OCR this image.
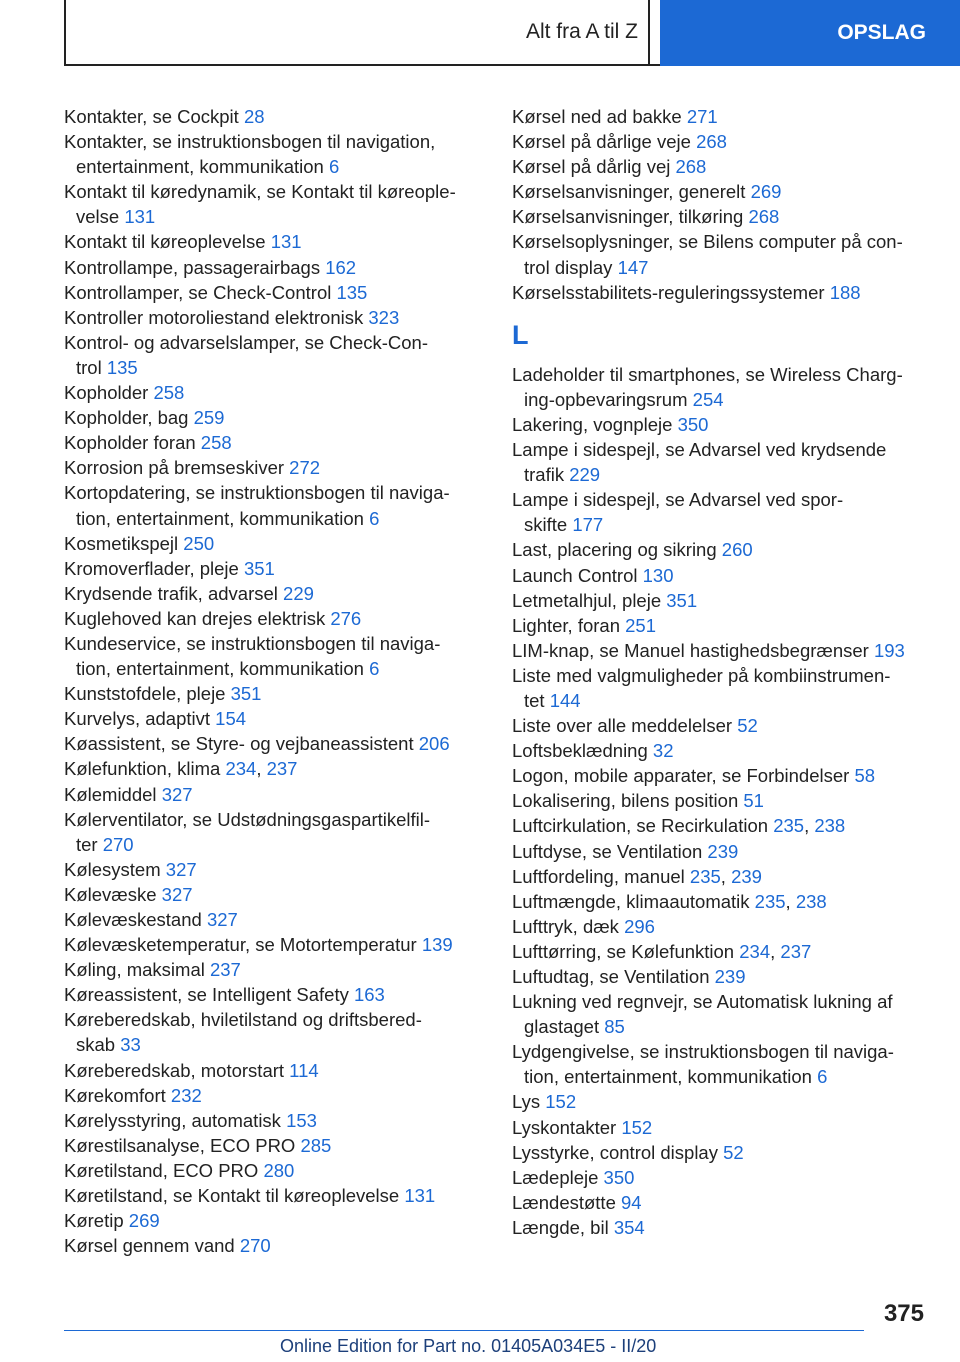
Alt fra A til Z	OPSLAG
Kontakter, se Cockpit 28
Kontakter, se instruktionsbogen til navigation,
entertainment, kommunikation 6
Kontakt til køredynamik, se Kontakt til køreople-
velse 131
Kontakt til køreoplevelse 131
Kontrollampe, passagerairbags 162
Kontrollamper, se Check-Control 135
Kontroller motoroliestand elektronisk 323
Kontrol- og advarselslamper, se Check-Con-
trol 135
Kopholder 258
Kopholder, bag 259
Kopholder foran 258
Korrosion på bremseskiver 272
Kortopdatering, se instruktionsbogen til naviga-
tion, entertainment, kommunikation 6
Kosmetikspejl 250
Kromoverflader, pleje 351
Krydsende trafik, advarsel 229
Kuglehoved kan drejes elektrisk 276
Kundeservice, se instruktionsbogen til naviga-
tion, entertainment, kommunikation 6
Kunststofdele, pleje 351
Kurvelys, adaptivt 154
Køassistent, se Styre- og vejbaneassistent 206
Kølefunktion, klima 234, 237
Kølemiddel 327
Kølerventilator, se Udstødningsgaspartikelfil-
ter 270
Kølesystem 327
Kølevæske 327
Kølevæskestand 327
Kølevæsketemperatur, se Motortemperatur 139
Køling, maksimal 237
Køreassistent, se Intelligent Safety 163
Køreberedskab, hviletilstand og driftsbered-
skab 33
Køreberedskab, motorstart 114
Kørekomfort 232
Kørelysstyring, automatisk 153
Kørestilsanalyse, ECO PRO 285
Køretilstand, ECO PRO 280
Køretilstand, se Kontakt til køreoplevelse 131
Køretip 269
Kørsel gennem vand 270
Kørsel ned ad bakke 271
Kørsel på dårlige veje 268
Kørsel på dårlig vej 268
Kørselsanvisninger, generelt 269
Kørselsanvisninger, tilkøring 268
Kørselsoplysninger, se Bilens computer på con-
trol display 147
Kørselsstabilitets-reguleringssystemer 188
L
Ladeholder til smartphones, se Wireless Charg-
ing-opbevaringsrum 254
Lakering, vognpleje 350
Lampe i sidespejl, se Advarsel ved krydsende
trafik 229
Lampe i sidespejl, se Advarsel ved spor-
skifte 177
Last, placering og sikring 260
Launch Control 130
Letmetalhjul, pleje 351
Lighter, foran 251
LIM-knap, se Manuel hastighedsbegrænser 193
Liste med valgmuligheder på kombiinstrumen-
tet 144
Liste over alle meddelelser 52
Loftsbeklædning 32
Logon, mobile apparater, se Forbindelser 58
Lokalisering, bilens position 51
Luftcirkulation, se Recirkulation 235, 238
Luftdyse, se Ventilation 239
Luftfordeling, manuel 235, 239
Luftmængde, klimaautomatik 235, 238
Lufttryk, dæk 296
Lufttørring, se Kølefunktion 234, 237
Luftudtag, se Ventilation 239
Lukning ved regnvejr, se Automatisk lukning af
glastaget 85
Lydgengivelse, se instruktionsbogen til naviga-
tion, entertainment, kommunikation 6
Lys 152
Lyskontakter 152
Lysstyrke, control display 52
Lædepleje 350
Lændestøtte 94
Længde, bil 354
375
Online Edition for Part no. 01405A034E5 - II/20
